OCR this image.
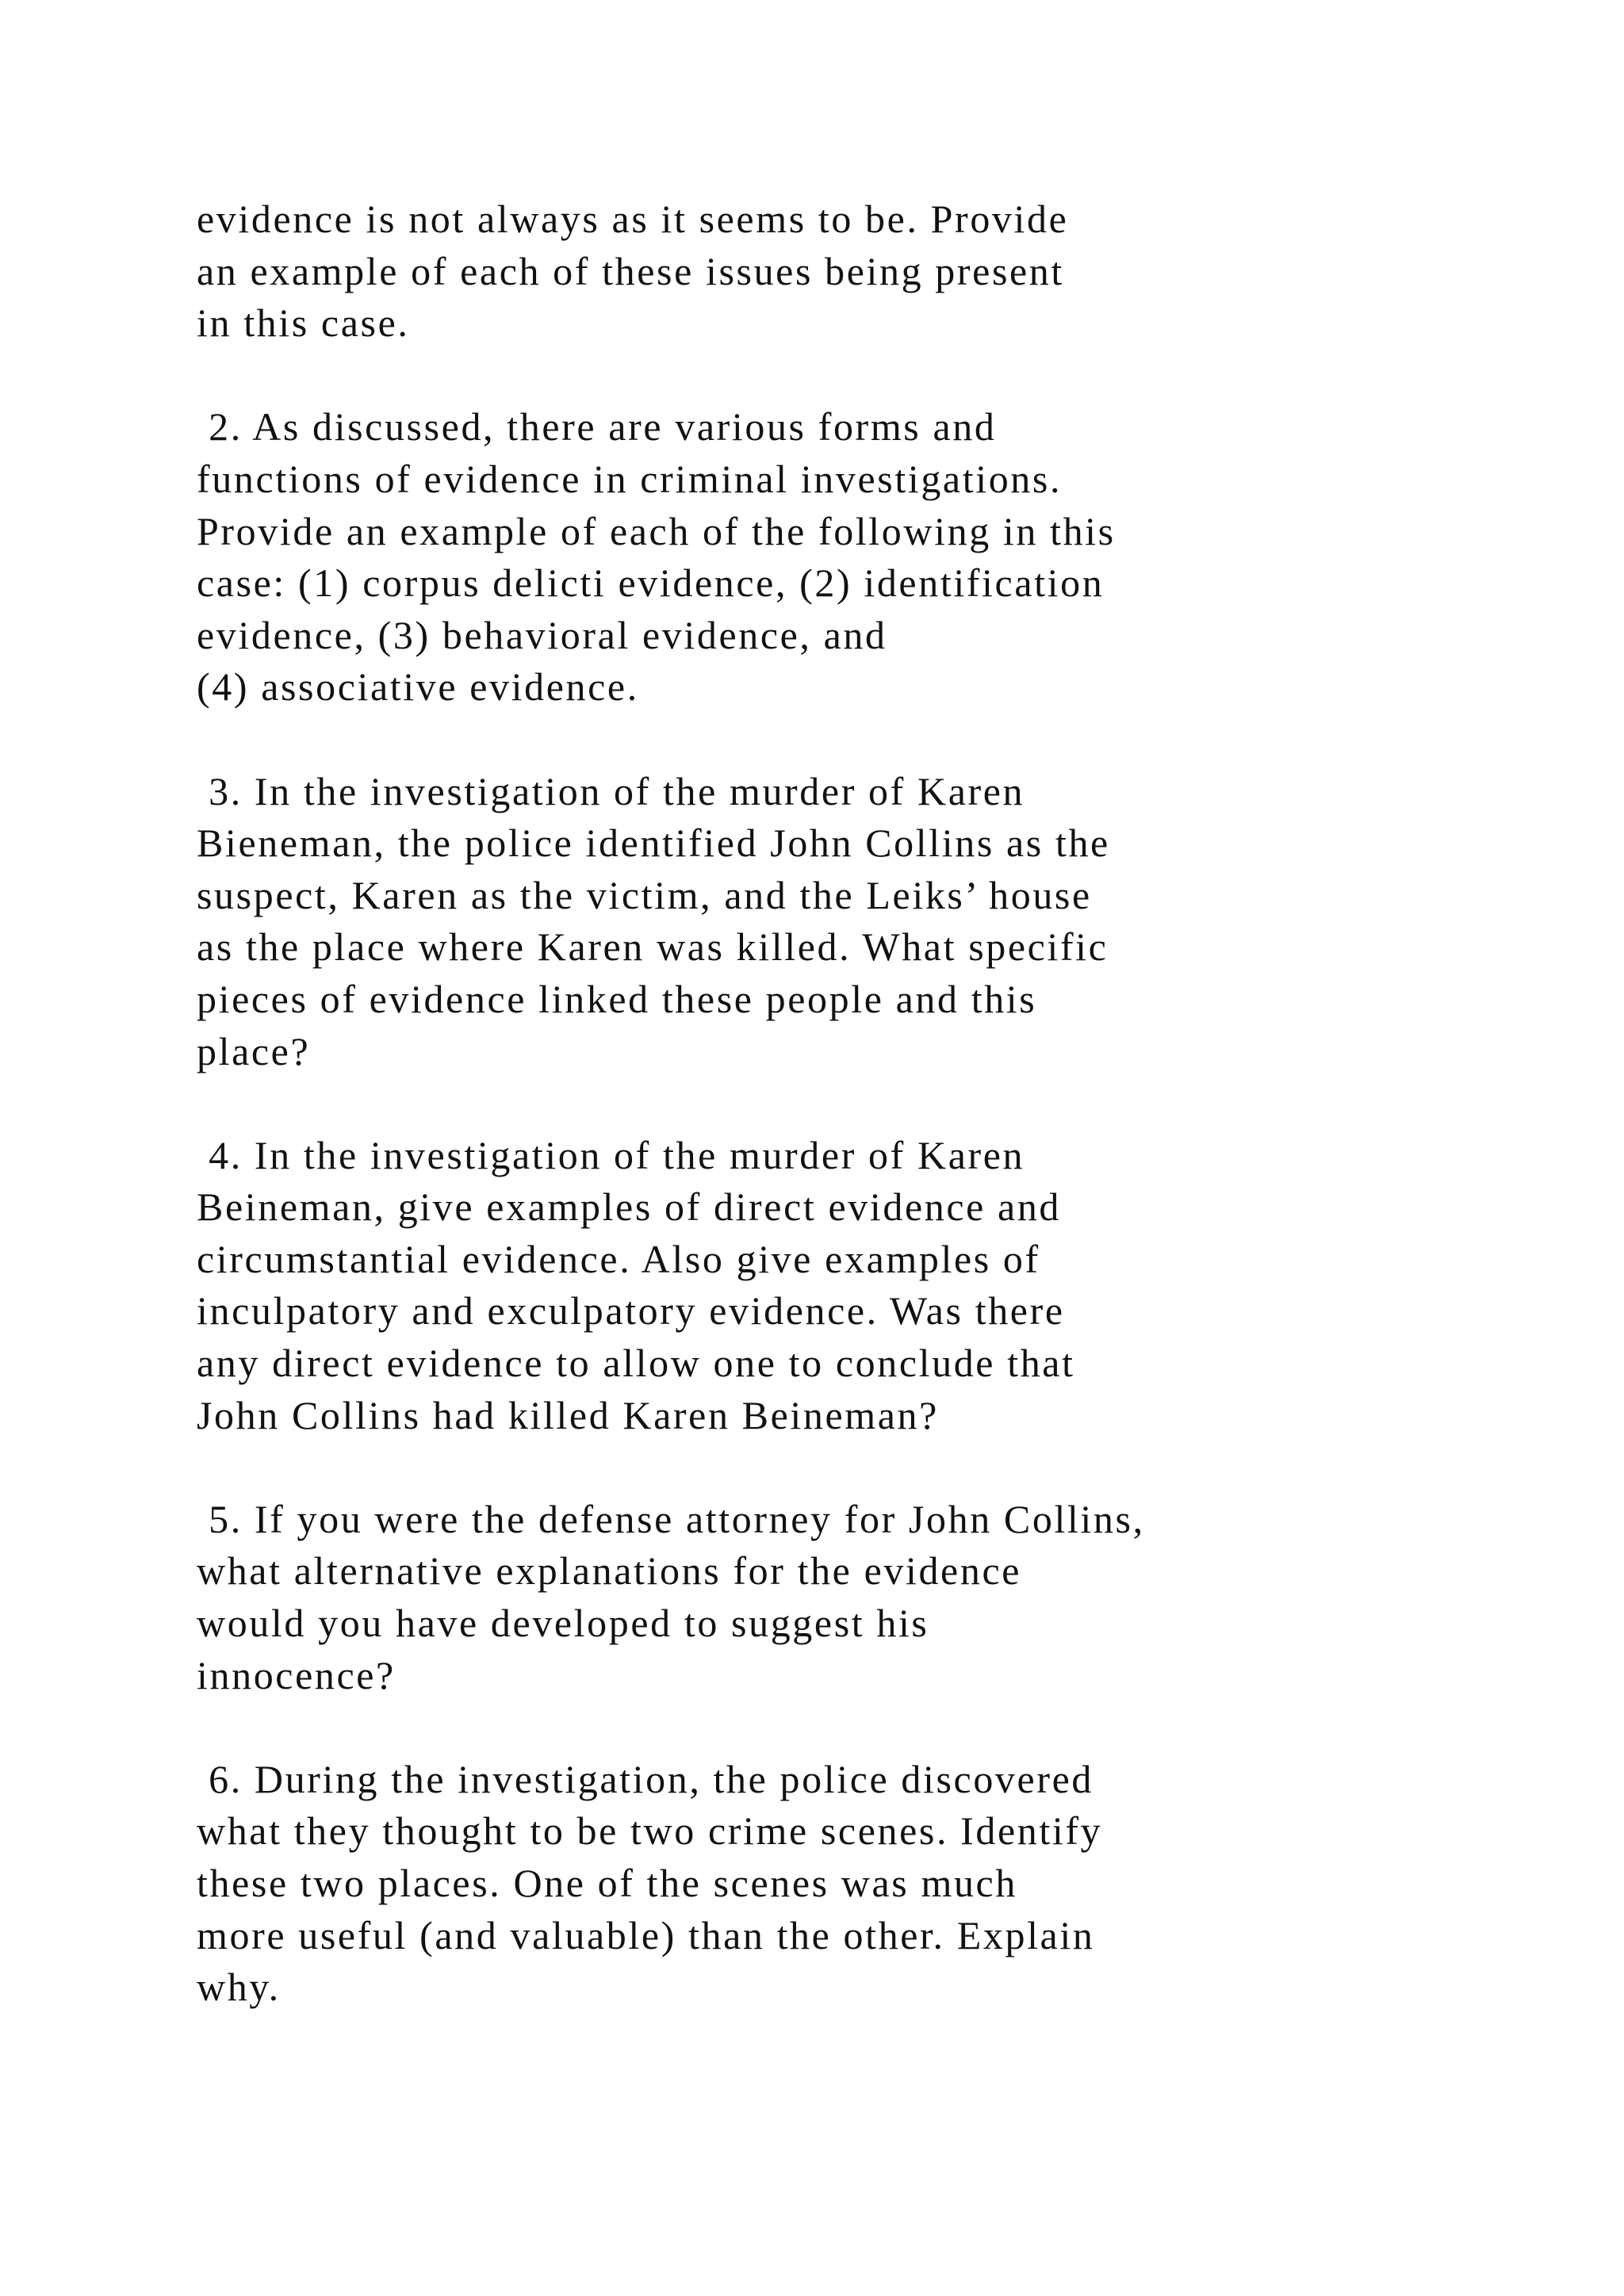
evidence is not always as it seems to be. Provide
an example of each of these issues being present
in this case.

2. As discussed, there are various forms and
functions of evidence in criminal investigations.
Provide an example of each of the following in this
case: (1) corpus delicti evidence, (2) identification
evidence, (3) behavioral evidence, and
(4) associative evidence.

3. In the investigation of the murder of Karen
Bieneman, the police identified John Collins as the
suspect, Karen as the victim, and the Leiks’ house
as the place where Karen was killed. What specific
pieces of evidence linked these people and this
place?

4. In the investigation of the murder of Karen
Beineman, give examples of direct evidence and
circumstantial evidence. Also give examples of
inculpatory and exculpatory evidence. Was there
any direct evidence to allow one to conclude that
John Collins had killed Karen Beineman?

5. If you were the defense attorney for John Collins,
what alternative explanations for the evidence
would you have developed to suggest his
innocence?

6. During the investigation, the police discovered
what they thought to be two crime scenes. Identify
these two places. One of the scenes was much
more useful (and valuable) than the other. Explain
why.
